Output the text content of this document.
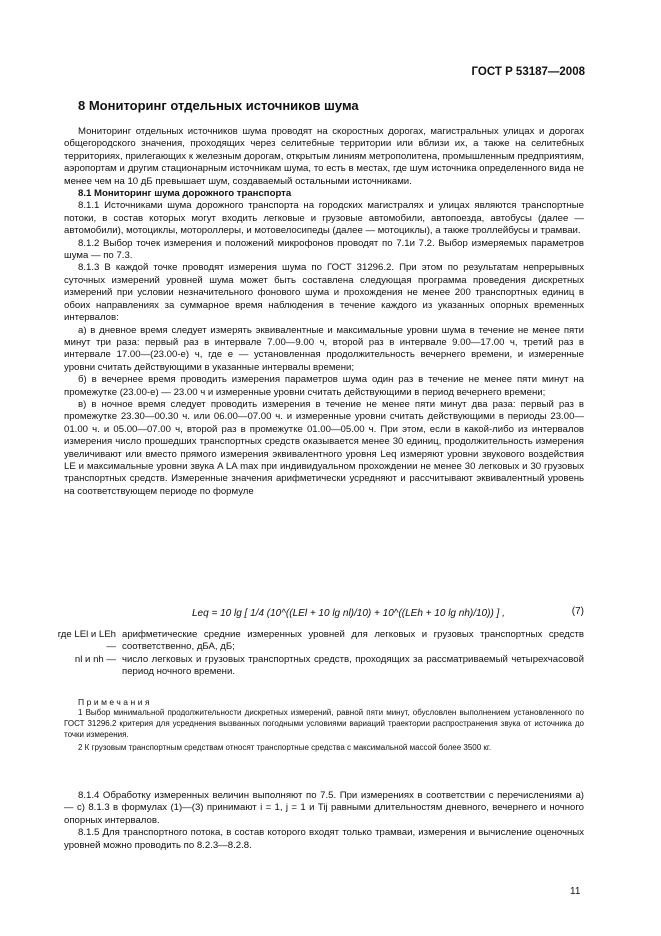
ГОСТ Р 53187—2008
8 Мониторинг отдельных источников шума

Мониторинг отдельных источников шума проводят на скоростных дорогах, магистральных улицах и дорогах общегородского значения, проходящих через селитебные территории или вблизи их, а также на селитебных территориях, прилегающих к железным дорогам, открытым линиям метрополитена, промышленным предприятиям, аэропортам и другим стационарным источникам шума, то есть в местах, где шум источника определенного вида не менее чем на 10 дБ превышает шум, создаваемый остальными источниками.

8.1 Мониторинг шума дорожного транспорта

8.1.1 Источниками шума дорожного транспорта на городских магистралях и улицах являются транспортные потоки, в состав которых могут входить легковые и грузовые автомобили, автопоезда, автобусы (далее — автомобили), мотоциклы, мотороллеры, и мотовелосипеды (далее — мотоциклы), а также троллейбусы и трамваи.

8.1.2 Выбор точек измерения и положений микрофонов проводят по 7.1и 7.2. Выбор измеряемых параметров шума — по 7.3.

8.1.3 В каждой точке проводят измерения шума по ГОСТ 31296.2. При этом по результатам непрерывных суточных измерений уровней шума может быть составлена следующая программа проведения дискретных измерений при условии незначительного фонового шума и прохождения не менее 200 транспортных единиц в обоих направлениях за суммарное время наблюдения в течение каждого из указанных опорных временных интервалов:

а) в дневное время следует измерять эквивалентные и максимальные уровни шума в течение не менее пяти минут три раза: первый раз в интервале 7.00—9.00 ч, второй раз в интервале 9.00—17.00 ч, третий раз в интервале 17.00—(23.00-е) ч, где е — установленная продолжительность вечернего времени, и измеренные уровни считать действующими в указанные интервалы времени;

б) в вечернее время проводить измерения параметров шума один раз в течение не менее пяти минут на промежутке (23.00-е) — 23.00 ч и измеренные уровни считать действующими в период вечернего времени;

в) в ночное время следует проводить измерения в течение не менее пяти минут два раза: первый раз в промежутке 23.30—00.30 ч. или 06.00—07.00 ч. и измеренные уровни считать действующими в периоды 23.00—01.00 ч. и 05.00—07.00 ч, второй раз в промежутке 01.00—05.00 ч. При этом, если в какой-либо из интервалов измерения число прошедших транспортных средств оказывается менее 30 единиц, продолжительность измерения увеличивают или вместо прямого измерения эквивалентного уровня Leq измеряют уровни звукового воздействия LE и максимальные уровни звука A LA max при индивидуальном прохождении не менее 30 легковых и 30 грузовых транспортных средств. Измеренные значения арифметически усредняют и рассчитывают эквивалентный уровень на соответствующем периоде по формуле

Leq = 10 lg [ 1/4 (10^((LEl + 10 lg nl)/10) + 10^((LEh + 10 lg nh)/10)) ] ,	(7)
где LEl и LEh —
арифметические средние измеренных уровней для легковых и грузовых транспортных средств соответственно, дБА, дБ;
nl и nh — число легковых и грузовых транспортных средств, проходящих за рассматриваемый четырехчасовой период ночного времени.
Примечания

1 Выбор минимальной продолжительности дискретных измерений, равной пяти минут, обусловлен выполнением установленного по ГОСТ 31296.2 критерия для усреднения вызванных погодными условиями вариаций траектории распространения звука от источника до точки измерения.

2 К грузовым транспортным средствам относят транспортные средства с максимальной массой более 3500 кг.

8.1.4 Обработку измеренных величин выполняют по 7.5. При измерениях в соответствии с перечислениями а) — с) 8.1.3 в формулах (1)—(3) принимают i = 1, j = 1 и Tij равными длительностям дневного, вечернего и ночного опорных интервалов.

8.1.5 Для транспортного потока, в состав которого входят только трамваи, измерения и вычисление оценочных уровней можно проводить по 8.2.3—8.2.8.

11
